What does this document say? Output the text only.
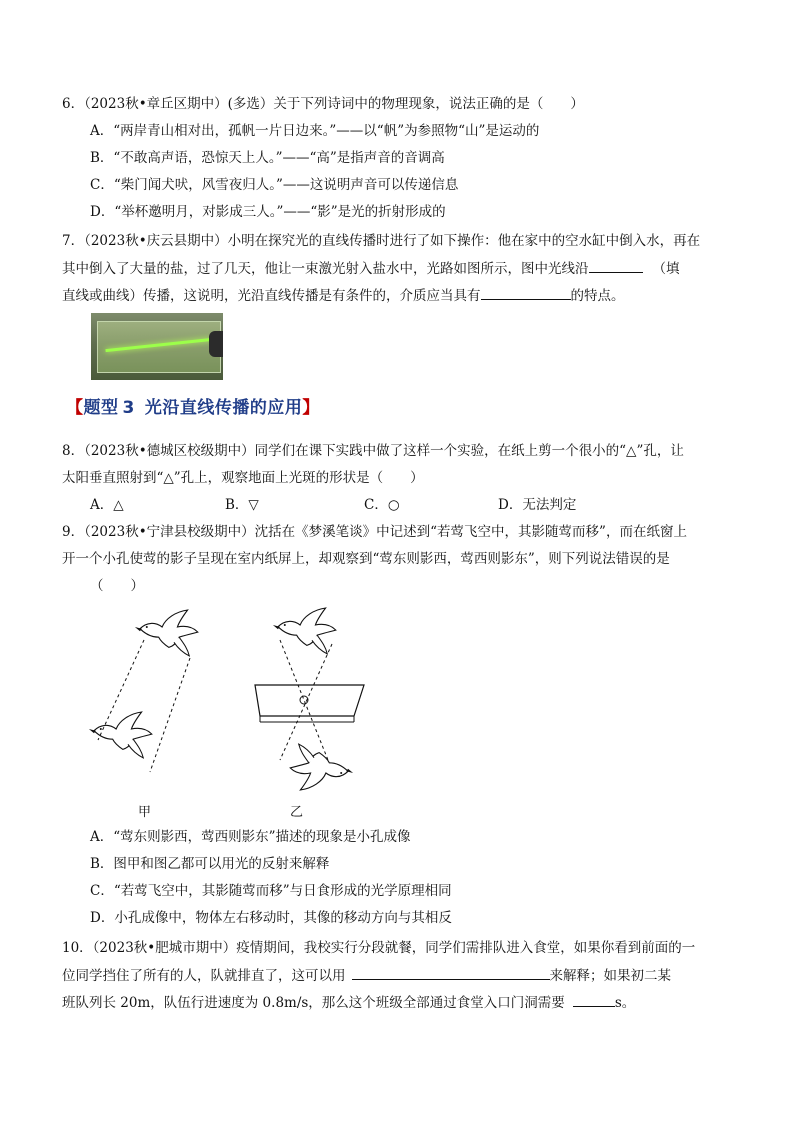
6．（2023秋•章丘区期中）(多选）关于下列诗词中的物理现象，说法正确的是（　　）
A．“两岸青山相对出，孤帆一片日边来。”——以“帆”为参照物“山”是运动的
B．“不敢高声语，恐惊天上人。”——“高”是指声音的音调高
C．“柴门闻犬吠，风雪夜归人。”——这说明声音可以传递信息
D．“举杯邀明月，对影成三人。”——“影”是光的折射形成的
7．（2023秋•庆云县期中）小明在探究光的直线传播时进行了如下操作：他在家中的空水缸中倒入水，再在
其中倒入了大量的盐，过了几天，他让一束激光射入盐水中，光路如图所示，图中光线沿	（填
直线或曲线）传播，这说明，光沿直线传播是有条件的，介质应当具有	的特点。
【题型 3 光沿直线传播的应用】
8．（2023秋•德城区校级期中）同学们在课下实践中做了这样一个实验，在纸上剪一个很小的“△”孔，让
太阳垂直照射到“△”孔上，观察地面上光斑的形状是（　　）
A．△	B．▽	C．○	D．无法判定
9．（2023秋•宁津县校级期中）沈括在《梦溪笔谈》中记述到“若莺飞空中，其影随莺而移”，而在纸窗上
开一个小孔使莺的影子呈现在室内纸屏上，却观察到“莺东则影西，莺西则影东”，则下列说法错误的是
（　　）
甲	乙
A．“莺东则影西，莺西则影东”描述的现象是小孔成像
B．图甲和图乙都可以用光的反射来解释
C．“若莺飞空中，其影随莺而移”与日食形成的光学原理相同
D．小孔成像中，物体左右移动时，其像的移动方向与其相反
10．（2023秋•肥城市期中）疫情期间，我校实行分段就餐，同学们需排队进入食堂，如果你看到前面的一
位同学挡住了所有的人，队就排直了，这可以用	来解释；如果初二某
班队列长 20m，队伍行进速度为 0.8m/s，那么这个班级全部通过食堂入口门洞需要	s。
